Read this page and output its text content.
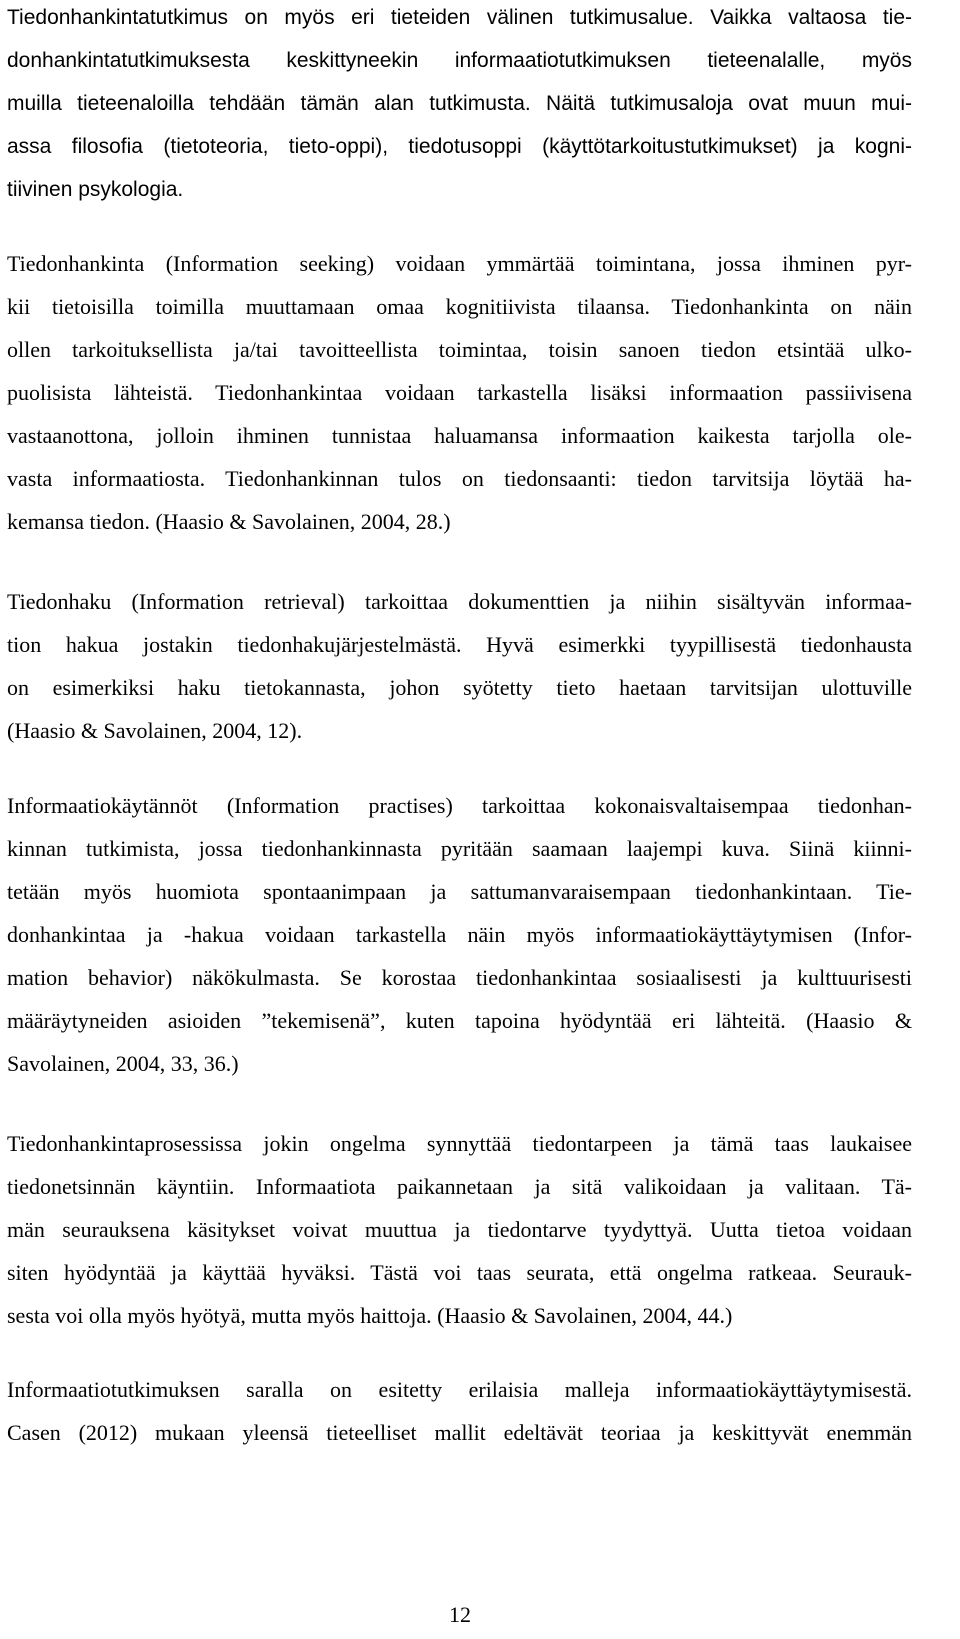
Tiedonhankintatutkimus on myös eri tieteiden välinen tutkimusalue. Vaikka valtaosa tie-
donhankintatutkimuksesta keskittyneekin informaatiotutkimuksen tieteenalalle, myös
muilla tieteenaloilla tehdään tämän alan tutkimusta. Näitä tutkimusaloja ovat muun mui-
assa filosofia (tietoteoria, tieto-oppi), tiedotusoppi (käyttötarkoitustutkimukset) ja kogni-
tiivinen psykologia.
Tiedonhankinta (Information seeking) voidaan ymmärtää toimintana, jossa ihminen pyr-
kii tietoisilla toimilla muuttamaan omaa kognitiivista tilaansa. Tiedonhankinta on näin
ollen tarkoituksellista ja/tai tavoitteellista toimintaa, toisin sanoen tiedon etsintää ulko-
puolisista lähteistä. Tiedonhankintaa voidaan tarkastella lisäksi informaation passiivisena
vastaanottona, jolloin ihminen tunnistaa haluamansa informaation kaikesta tarjolla ole-
vasta informaatiosta. Tiedonhankinnan tulos on tiedonsaanti: tiedon tarvitsija löytää ha-
kemansa tiedon. (Haasio & Savolainen, 2004, 28.)
Tiedonhaku (Information retrieval) tarkoittaa dokumenttien ja niihin sisältyvän informaa-
tion hakua jostakin tiedonhakujärjestelmästä. Hyvä esimerkki tyypillisestä tiedonhausta
on esimerkiksi haku tietokannasta, johon syötetty tieto haetaan tarvitsijan ulottuville
(Haasio & Savolainen, 2004, 12).
Informaatiokäytännöt (Information practises) tarkoittaa kokonaisvaltaisempaa tiedonhan-
kinnan tutkimista, jossa tiedonhankinnasta pyritään saamaan laajempi kuva. Siinä kiinni-
tetään myös huomiota spontaanimpaan ja sattumanvaraisempaan tiedonhankintaan. Tie-
donhankintaa ja -hakua voidaan tarkastella näin myös informaatiokäyttäytymisen (Infor-
mation behavior) näkökulmasta. Se korostaa tiedonhankintaa sosiaalisesti ja kulttuurisesti
määräytyneiden asioiden ”tekemisenä”, kuten tapoina hyödyntää eri lähteitä. (Haasio &
Savolainen, 2004, 33, 36.)
Tiedonhankintaprosessissa jokin ongelma synnyttää tiedontarpeen ja tämä taas laukaisee
tiedonetsinnän käyntiin. Informaatiota paikannetaan ja sitä valikoidaan ja valitaan. Tä-
män seurauksena käsitykset voivat muuttua ja tiedontarve tyydyttyä. Uutta tietoa voidaan
siten hyödyntää ja käyttää hyväksi. Tästä voi taas seurata, että ongelma ratkeaa. Seurauk-
sesta voi olla myös hyötyä, mutta myös haittoja. (Haasio & Savolainen, 2004, 44.)
Informaatiotutkimuksen saralla on esitetty erilaisia malleja informaatiokäyttäytymisestä.
Casen (2012) mukaan yleensä tieteelliset mallit edeltävät teoriaa ja keskittyvät enemmän
12
